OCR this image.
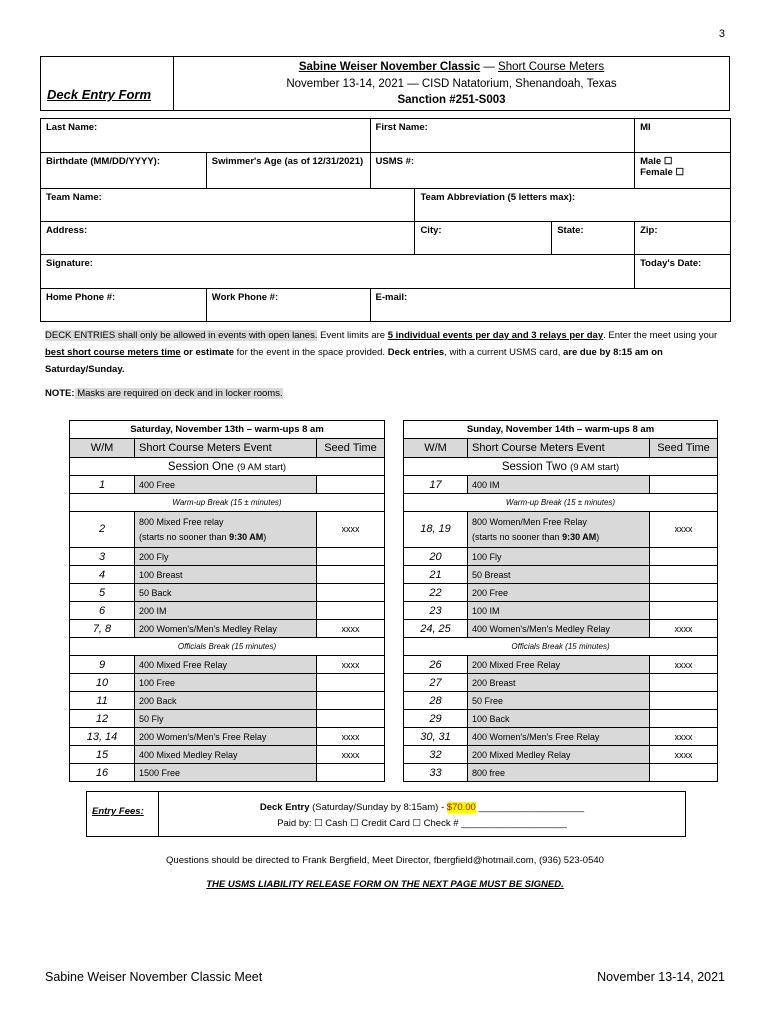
3
Deck Entry Form
Sabine Weiser November Classic — Short Course Meters
November 13-14, 2021 — CISD Natatorium, Shenandoah, Texas
Sanction #251-S003
Last Name:		First Name:			MI
Birthdate (MM/DD/YYYY):	Swimmer's Age (as of 12/31/2021)	USMS #:			Male ☐
Female ☐

Team Name:			Team Abbreviation (5 letters max):		
Address:			City:	State:	Zip:
Signature:					Today's Date:
Home Phone #:	Work Phone #:	E-mail:			
DECK ENTRIES shall only be allowed in events with open lanes. Event limits are 5 individual events per day and 3 relays per day. Enter the meet using your best short course meters time or estimate for the event in the space provided. Deck entries, with a current USMS card, are due by 8:15 am on Saturday/Sunday.
NOTE: Masks are required on deck and in locker rooms.
Saturday, November 13th – warm-ups 8 am		
W/M	Short Course Meters Event	Seed Time
Session One (9 AM start)		
1	400 Free	
Warm-up Break (15 ± minutes)		
2	800 Mixed Free relay
(starts no sooner than 9:30 AM)	xxxx
3	200 Fly	
4	100 Breast	
5	50 Back	
6	200 IM	
7, 8	200 Women's/Men's Medley Relay	xxxx
Officials Break (15 minutes)		
9	400 Mixed Free Relay	xxxx
10	100 Free	
11	200 Back	
12	50 Fly	
13, 14	200 Women's/Men's Free Relay	xxxx
15	400 Mixed Medley Relay	xxxx
16	1500 Free	
Sunday, November 14th – warm-ups 8 am		
W/M	Short Course Meters Event	Seed Time
Session Two (9 AM start)		
17	400 IM	
Warm-up Break (15 ± minutes)		
18, 19	800 Women/Men Free Relay
(starts no sooner than 9:30 AM)	xxxx
20	100 Fly	
21	50 Breast	
22	200 Free	
23	100 IM	
24, 25	400 Women's/Men's Medley Relay	xxxx
Officials Break (15 minutes)		
26	200 Mixed Free Relay	xxxx
27	200 Breast	
28	50 Free	
29	100 Back	
30, 31	400 Women's/Men's Free Relay	xxxx
32	200 Mixed Medley Relay	xxxx
33	800 free	
Entry Fees:	Deck Entry (Saturday/Sunday by 8:15am) - $70.00 ____________________
Paid by: ☐ Cash ☐ Credit Card ☐ Check # ____________________
Questions should be directed to Frank Bergfield, Meet Director, fbergfield@hotmail.com, (936) 523-0540
THE USMS LIABILITY RELEASE FORM ON THE NEXT PAGE MUST BE SIGNED.
Sabine Weiser November Classic Meet	November 13-14, 2021
